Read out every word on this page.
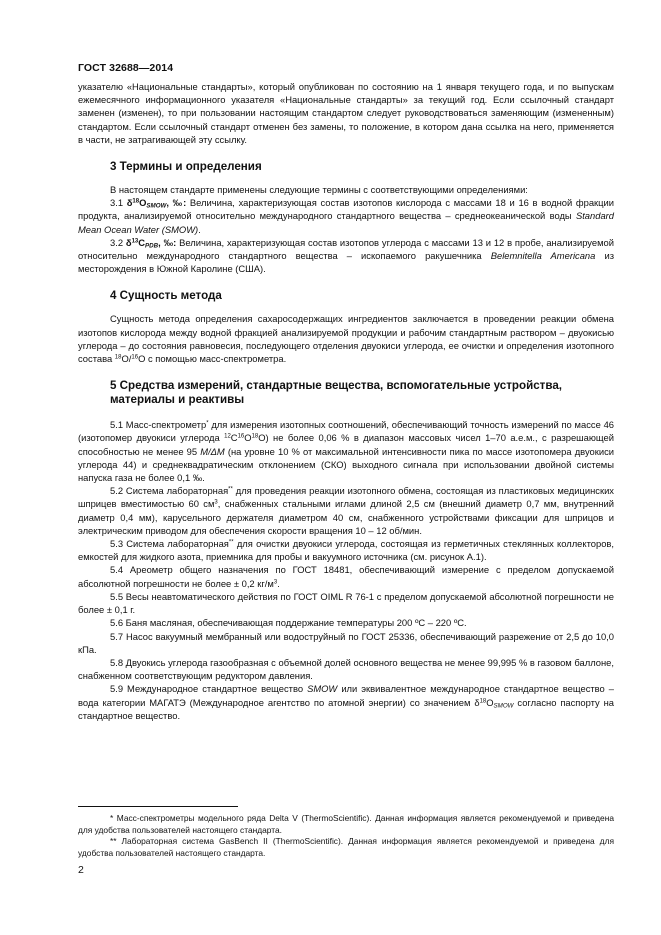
ГОСТ 32688—2014

указателю «Национальные стандарты», который опубликован по состоянию на 1 января текущего года, и по выпускам ежемесячного информационного указателя «Национальные стандарты» за текущий год. Если ссылочный стандарт заменен (изменен), то при пользовании настоящим стандартом следует руководствоваться заменяющим (измененным) стандартом. Если ссылочный стандарт отменен без замены, то положение, в котором дана ссылка на него, применяется в части, не затрагивающей эту ссылку.

3 Термины и определения

В настоящем стандарте применены следующие термины с соответствующими определениями:

3.1 $\delta^{18}O_{SMOW}$, ‰: Величина, характеризующая состав изотопов кислорода с массами 18 и 16 в водной фракции продукта, анализируемой относительно международного стандартного вещества – среднеокеанической воды Standard Mean Ocean Water (SMOW).

3.2 $\delta^{13}C_{PDB}$, ‰: Величина, характеризующая состав изотопов углерода с массами 13 и 12 в пробе, анализируемой относительно международного стандартного вещества – ископаемого ракушечника Belemnitella Americana из месторождения в Южной Каролине (США).

4 Сущность метода

Сущность метода определения сахаросодержащих ингредиентов заключается в проведении реакции обмена изотопов кислорода между водной фракцией анализируемой продукции и рабочим стандартным раствором – двуокисью углерода – до состояния равновесия, последующего отделения двуокиси углерода, ее очистки и определения изотопного состава $^{18}$O/$^{16}$O с помощью масс-спектрометра.

5 Средства измерений, стандартные вещества, вспомогательные устройства, материалы и реактивы

5.1 Масс-спектрометр* для измерения изотопных соотношений, обеспечивающий точность измерений по массе 46 (изотопомер двуокиси углерода $^{12}C^{16}O^{18}O$) не более 0,06 % в диапазон массовых чисел 1–70 а.е.м., с разрешающей способностью не менее 95 M/ΔM (на уровне 10 % от максимальной интенсивности пика по массе изотопомера двуокиси углерода 44) и среднеквадратическим отклонением (СКО) выходного сигнала при использовании двойной системы напуска газа не более 0,1 ‰.

5.2 Система лабораторная** для проведения реакции изотопного обмена, состоящая из пластиковых медицинских шприцев вместимостью 60 $см^3$, снабженных стальными иглами длиной 2,5 см (внешний диаметр 0,7 мм, внутренний диаметр 0,4 мм), карусельного держателя диаметром 40 см, снабженного устройствами фиксации для шприцов и электрическим приводом для обеспечения скорости вращения 10 – 12 об/мин.

5.3 Система лабораторная** для очистки двуокиси углерода, состоящая из герметичных стеклянных коллекторов, емкостей для жидкого азота, приемника для пробы и вакуумного источника (см. рисунок А.1).

5.4 Ареометр общего назначения по ГОСТ 18481, обеспечивающий измерение с пределом допускаемой абсолютной погрешности не более ± 0,2 $кг/м^3$.

5.5 Весы неавтоматического действия по ГОСТ OIML R 76-1 с пределом допускаемой абсолютной погрешности не более ± 0,1 г.

5.6 Баня масляная, обеспечивающая поддержание температуры 200 ºС – 220 ºС.

5.7 Насос вакуумный мембранный или водоструйный по ГОСТ 25336, обеспечивающий разрежение от 2,5 до 10,0 кПа.

5.8 Двуокись углерода газообразная с объемной долей основного вещества не менее 99,995 % в газовом баллоне, снабженном соответствующим редуктором давления.

5.9 Международное стандартное вещество SMOW или эквивалентное международное стандартное вещество – вода категории МАГАТЭ (Международное агентство по атомной энергии) со значением $\delta^{18}O_{SMOW}$ согласно паспорту на стандартное вещество.

* Масс-спектрометры модельного ряда Delta V (ThermoScientific). Данная информация является рекомендуемой и приведена для удобства пользователей настоящего стандарта.

** Лабораторная система GasBench II (ThermoScientific). Данная информация является рекомендуемой и приведена для удобства пользователей настоящего стандарта.

2
